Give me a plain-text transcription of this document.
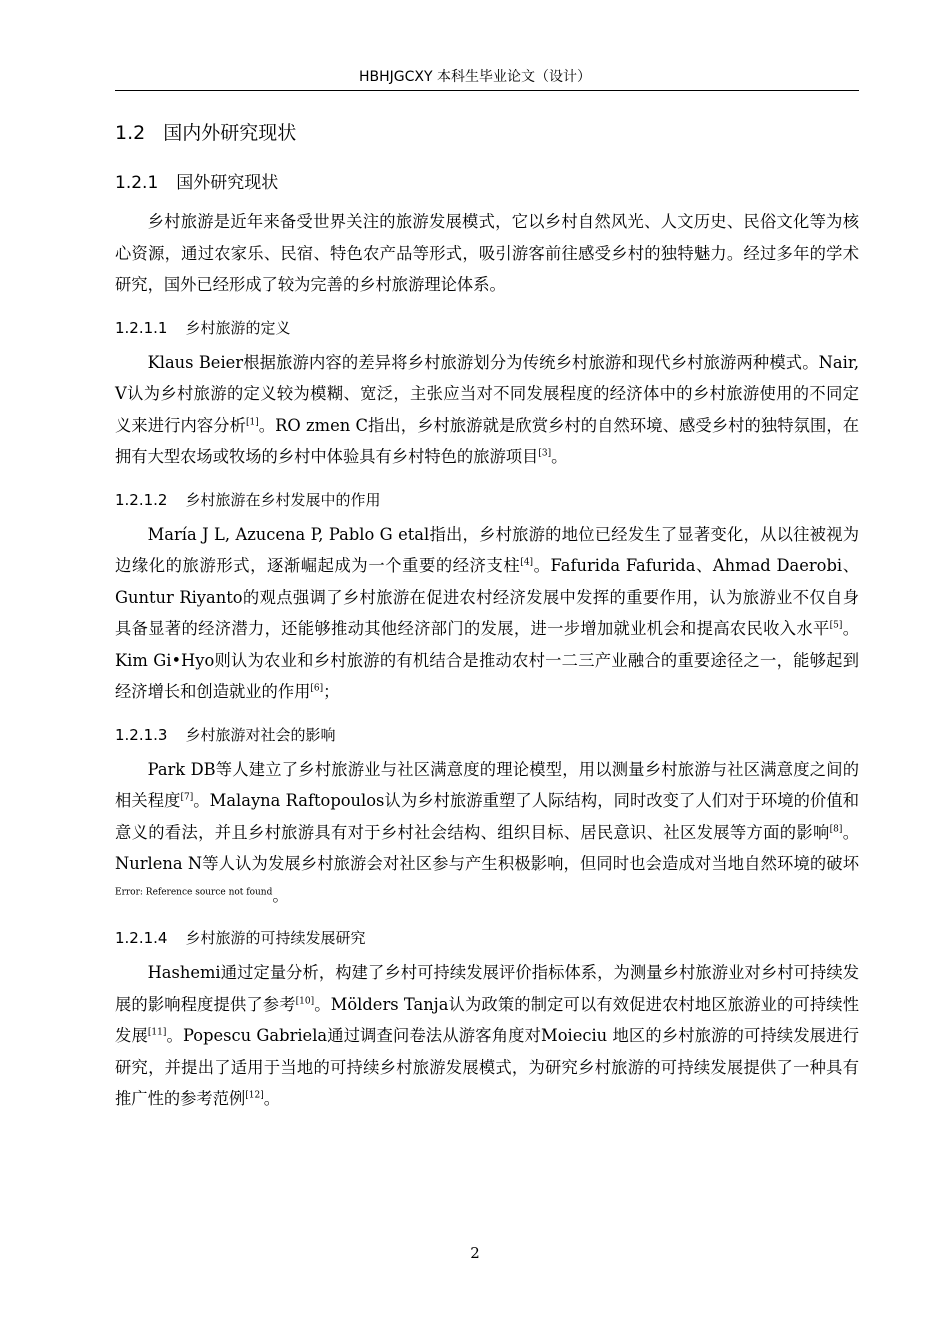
HBHJGCXY 本科生毕业论文（设计）
1.2 国内外研究现状
1.2.1 国外研究现状

乡村旅游是近年来备受世界关注的旅游发展模式，它以乡村自然风光、人文历史、民俗文化等为核心资源，通过农家乐、民宿、特色农产品等形式，吸引游客前往感受乡村的独特魅力。经过多年的学术研究，国外已经形成了较为完善的乡村旅游理论体系。

1.2.1.1 乡村旅游的定义

Klaus Beier根据旅游内容的差异将乡村旅游划分为传统乡村旅游和现代乡村旅游两种模式。Nair, V认为乡村旅游的定义较为模糊、宽泛，主张应当对不同发展程度的经济体中的乡村旅游使用的不同定义来进行内容分析[1]。RO zmen C指出，乡村旅游就是欣赏乡村的自然环境、感受乡村的独特氛围，在拥有大型农场或牧场的乡村中体验具有乡村特色的旅游项目[3]。

1.2.1.2 乡村旅游在乡村发展中的作用

María J L, Azucena P, Pablo G etal指出，乡村旅游的地位已经发生了显著变化，从以往被视为边缘化的旅游形式，逐渐崛起成为一个重要的经济支柱[4]。Fafurida Fafurida、Ahmad Daerobi、Guntur Riyanto的观点强调了乡村旅游在促进农村经济发展中发挥的重要作用，认为旅游业不仅自身具备显著的经济潜力，还能够推动其他经济部门的发展，进一步增加就业机会和提高农民收入水平[5]。Kim Gi•Hyo则认为农业和乡村旅游的有机结合是推动农村一二三产业融合的重要途径之一，能够起到经济增长和创造就业的作用[6]；

1.2.1.3 乡村旅游对社会的影响

Park DB等人建立了乡村旅游业与社区满意度的理论模型，用以测量乡村旅游与社区满意度之间的相关程度[7]。Malayna Raftopoulos认为乡村旅游重塑了人际结构，同时改变了人们对于环境的价值和意义的看法，并且乡村旅游具有对于乡村社会结构、组织目标、居民意识、社区发展等方面的影响[8]。Nurlena N等人认为发展乡村旅游会对社区参与产生积极影响，但同时也会造成对当地自然环境的破坏$^{Error: Reference source not found}$。

1.2.1.4 乡村旅游的可持续发展研究

Hashemi通过定量分析，构建了乡村可持续发展评价指标体系，为测量乡村旅游业对乡村可持续发展的影响程度提供了参考[10]。Mölders Tanja认为政策的制定可以有效促进农村地区旅游业的可持续性发展[11]。Popescu Gabriela通过调查问卷法从游客角度对Moieciu 地区的乡村旅游的可持续发展进行研究，并提出了适用于当地的可持续乡村旅游发展模式，为研究乡村旅游的可持续发展提供了一种具有推广性的参考范例[12]。

2
